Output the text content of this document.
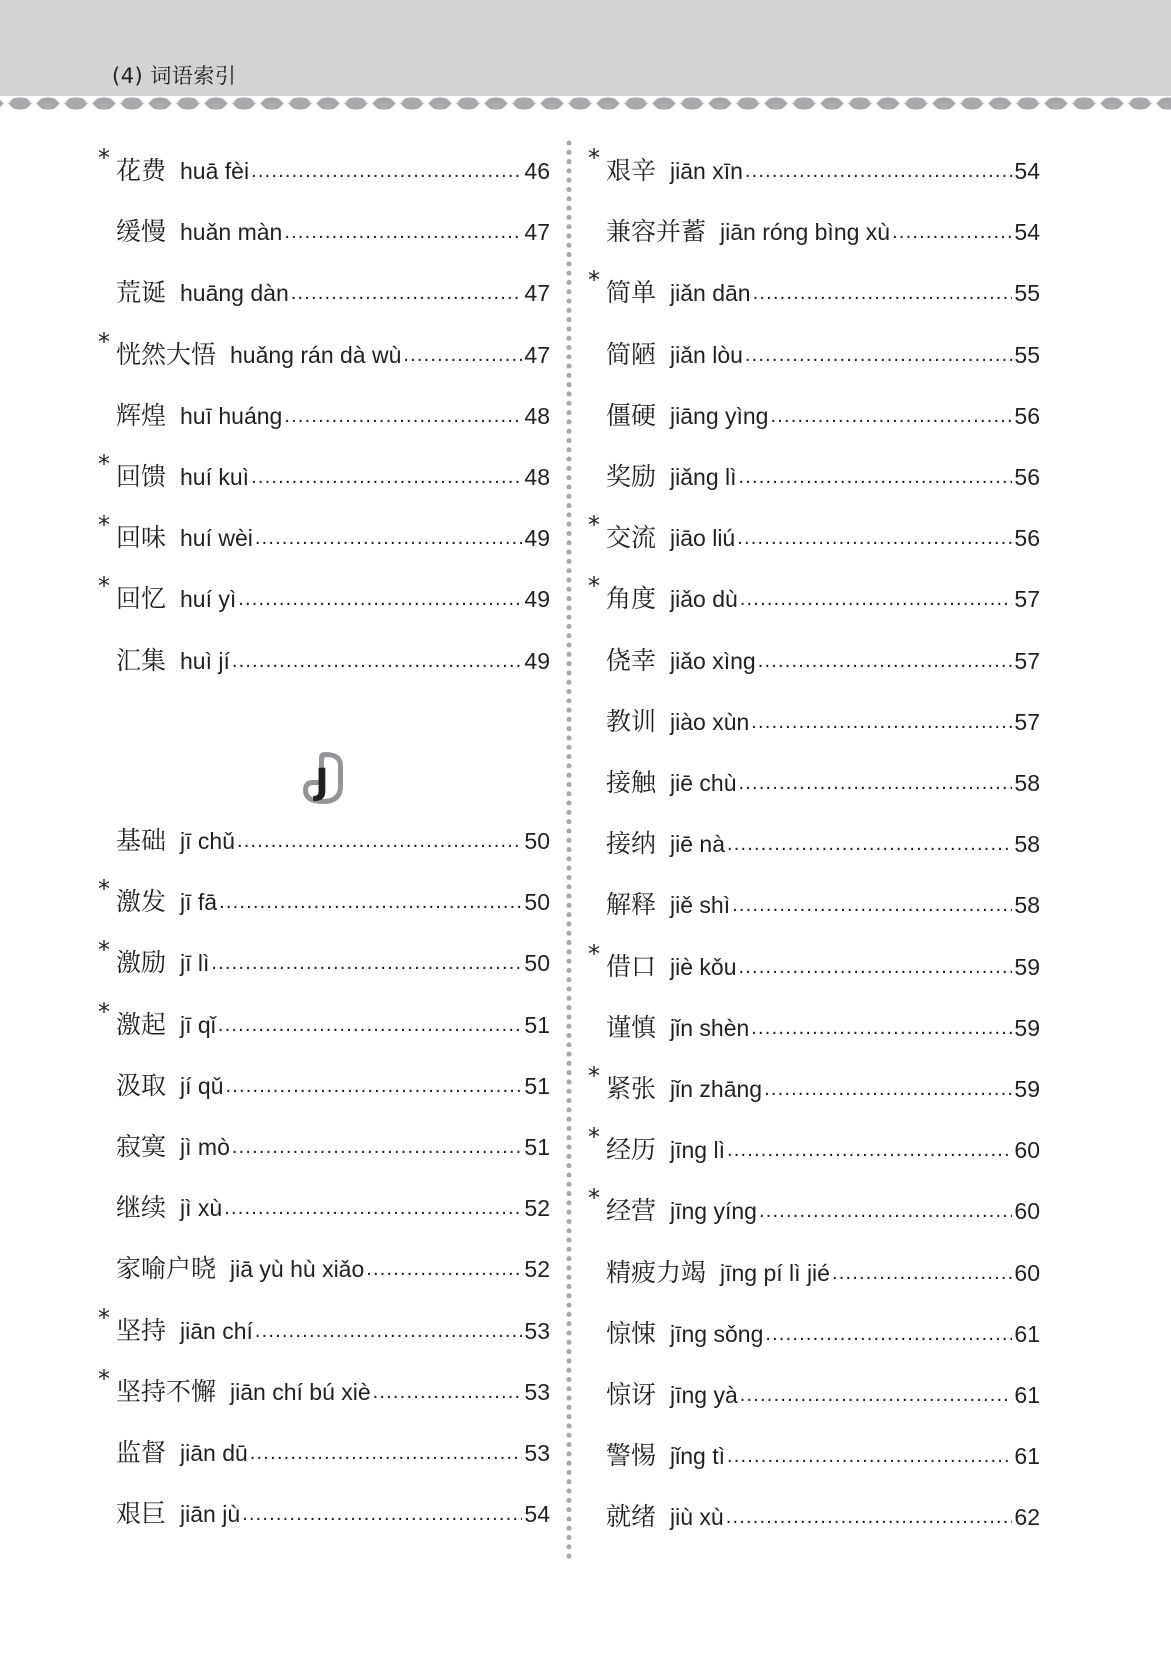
(4) 词语索引
* 花费 huā fèi .....	46
缓慢 huǎn màn .....	47
荒诞 huāng dàn .....	47
* 恍然大悟 huǎng rán dà wù .....	47
辉煌 huī huáng .....	48
* 回馈 huí kuì .....	48
* 回味 huí wèi .....	49
* 回忆 huí yì .....	49
汇集 huì jí .....	49
基础 jī chǔ .....	50
* 激发 jī fā .....	50
* 激励 jī lì .....	50
* 激起 jī qǐ .....	51
汲取 jí qǔ .....	51
寂寞 jì mò .....	51
继续 jì xù .....	52
家喻户晓 jiā yù hù xiǎo .....	52
* 坚持 jiān chí .....	53
* 坚持不懈 jiān chí bú xiè .....	53
监督 jiān dū .....	53
艰巨 jiān jù .....	54
J
* 艰辛 jiān xīn .....	54
兼容并蓄 jiān róng bìng xù .....	54
* 简单 jiǎn dān .....	55
简陋 jiǎn lòu .....	55
僵硬 jiāng yìng .....	56
奖励 jiǎng lì .....	56
* 交流 jiāo liú .....	56
* 角度 jiǎo dù .....	57
侥幸 jiǎo xìng .....	57
教训 jiào xùn .....	57
接触 jiē chù .....	58
接纳 jiē nà .....	58
解释 jiě shì .....	58
* 借口 jiè kǒu .....	59
谨慎 jǐn shèn .....	59
* 紧张 jǐn zhāng .....	59
* 经历 jīng lì .....	60
* 经营 jīng yíng .....	60
精疲力竭 jīng pí lì jié .....	60
惊悚 jīng sǒng .....	61
惊讶 jīng yà .....	61
警惕 jǐng tì .....	61
就绪 jiù xù .....	62
